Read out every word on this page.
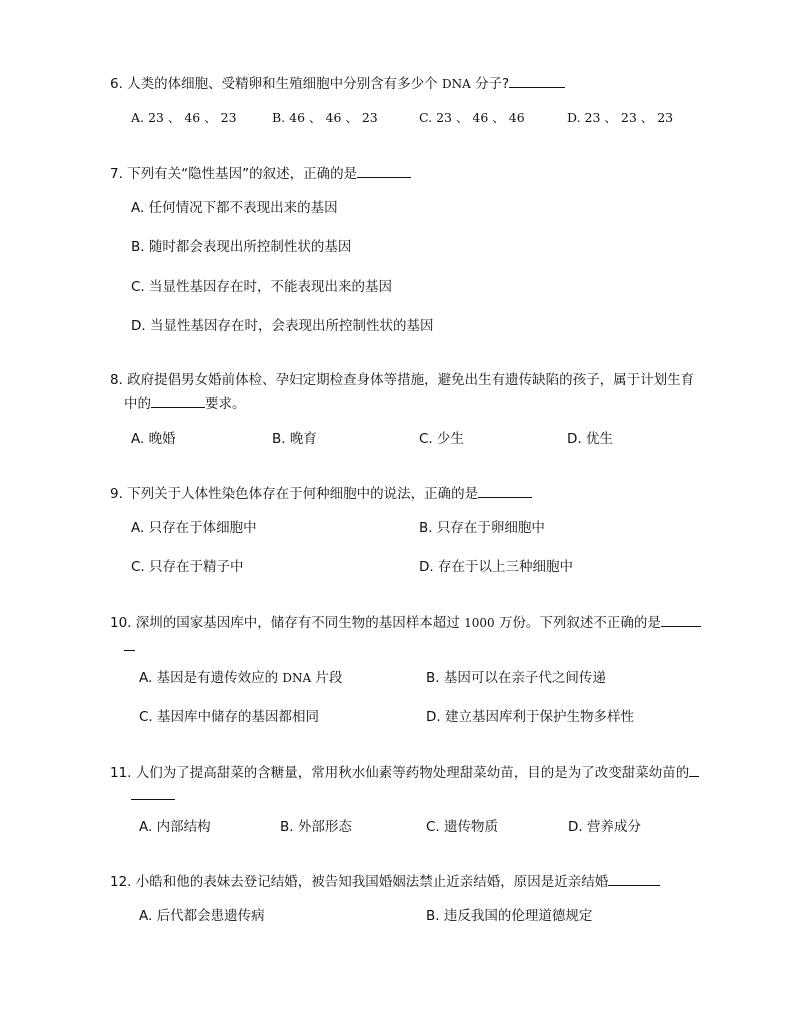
6. 人类的体细胞、受精卵和生殖细胞中分别含有多少个 DNA 分子?
A. 23 、 46 、 23	B. 46 、 46 、 23	C. 23 、 46 、 46	D. 23 、 23 、 23
7. 下列有关“隐性基因”的叙述，正确的是
A. 任何情况下都不表现出来的基因
B. 随时都会表现出所控制性状的基因
C. 当显性基因存在时，不能表现出来的基因
D. 当显性基因存在时，会表现出所控制性状的基因
8. 政府提倡男女婚前体检、孕妇定期检查身体等措施，避免出生有遗传缺陷的孩子，属于计划生育
中的	要求。
A. 晚婚	B. 晚育	C. 少生	D. 优生
9. 下列关于人体性染色体存在于何种细胞中的说法，正确的是
A. 只存在于体细胞中	B. 只存在于卵细胞中
C. 只存在于精子中	D. 存在于以上三种细胞中
10. 深圳的国家基因库中，储存有不同生物的基因样本超过 1000 万份。下列叙述不正确的是
A. 基因是有遗传效应的 DNA 片段	B. 基因可以在亲子代之间传递
C. 基因库中储存的基因都相同	D. 建立基因库利于保护生物多样性
11. 人们为了提高甜菜的含糖量，常用秋水仙素等药物处理甜菜幼苗，目的是为了改变甜菜幼苗的
A. 内部结构	B. 外部形态	C. 遗传物质	D. 营养成分
12. 小皓和他的表妹去登记结婚，被告知我国婚姻法禁止近亲结婚，原因是近亲结婚
A. 后代都会患遗传病	B. 违反我国的伦理道德规定
